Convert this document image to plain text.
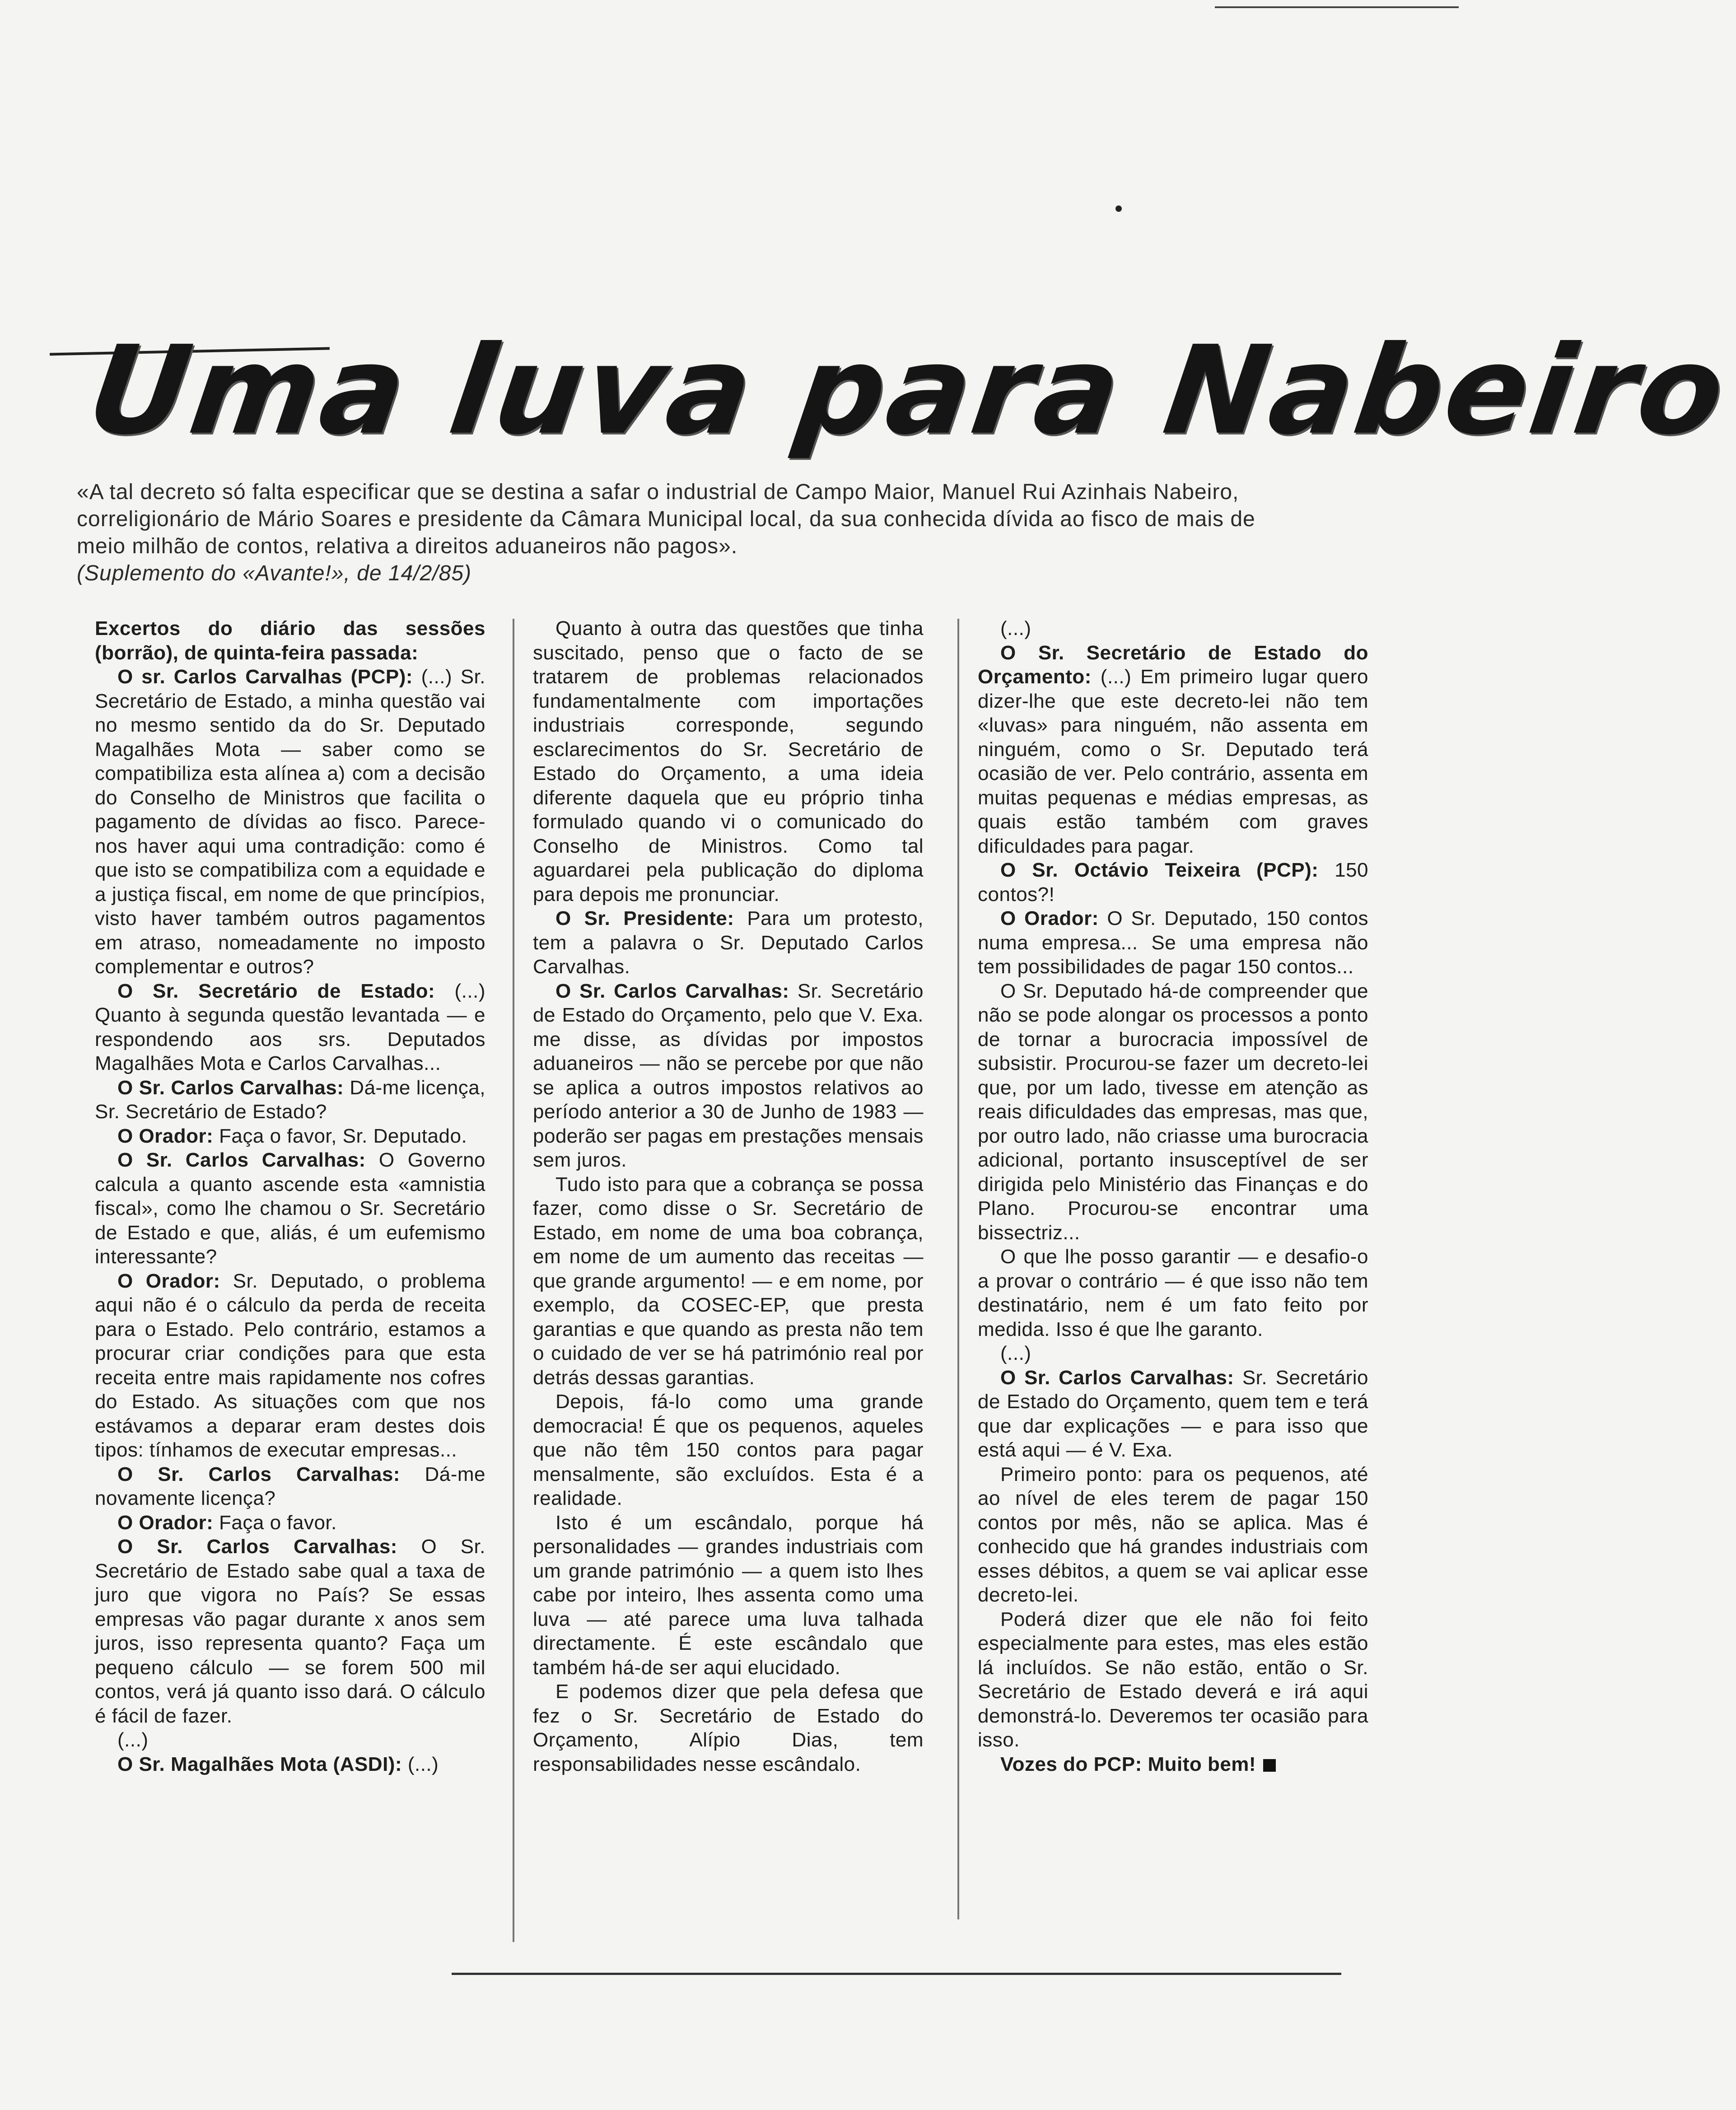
Uma luva para Nabeiro
«A tal decreto só falta especificar que se destina a safar o industrial de Campo Maior, Manuel Rui Azinhais Nabeiro, correligionário de Mário Soares e presidente da Câmara Municipal local, da sua conhecida dívida ao fisco de mais de meio milhão de contos, relativa a direitos aduaneiros não pagos».
(Suplemento do «Avante!», de 14/2/85)

Excertos do diário das sessões (borrão), de quinta-feira passada:

O sr. Carlos Carvalhas (PCP): (...) Sr. Secretário de Estado, a minha questão vai no mesmo sentido da do Sr. Deputado Magalhães Mota — saber como se compatibiliza esta alínea a) com a decisão do Conselho de Ministros que facilita o pagamento de dívidas ao fisco. Parece-nos haver aqui uma contradição: como é que isto se compatibiliza com a equidade e a justiça fiscal, em nome de que princípios, visto haver também outros pagamentos em atraso, nomeadamente no imposto complementar e outros?

O Sr. Secretário de Estado: (...) Quanto à segunda questão levantada — e respondendo aos srs. Deputados Magalhães Mota e Carlos Carvalhas...

O Sr. Carlos Carvalhas: Dá-me licença, Sr. Secretário de Estado?

O Orador: Faça o favor, Sr. Deputado.

O Sr. Carlos Carvalhas: O Governo calcula a quanto ascende esta «amnistia fiscal», como lhe chamou o Sr. Secretário de Estado e que, aliás, é um eufemismo interessante?

O Orador: Sr. Deputado, o problema aqui não é o cálculo da perda de receita para o Estado. Pelo contrário, estamos a procurar criar condições para que esta receita entre mais rapidamente nos cofres do Estado. As situações com que nos estávamos a deparar eram destes dois tipos: tínhamos de executar empresas...

O Sr. Carlos Carvalhas: Dá-me novamente licença?

O Orador: Faça o favor.

O Sr. Carlos Carvalhas: O Sr. Secretário de Estado sabe qual a taxa de juro que vigora no País? Se essas empresas vão pagar durante x anos sem juros, isso representa quanto? Faça um pequeno cálculo — se forem 500 mil contos, verá já quanto isso dará. O cálculo é fácil de fazer.

(...)

O Sr. Magalhães Mota (ASDI): (...)

Quanto à outra das questões que tinha suscitado, penso que o facto de se tratarem de problemas relacionados fundamentalmente com importações industriais corresponde, segundo esclarecimentos do Sr. Secretário de Estado do Orçamento, a uma ideia diferente daquela que eu próprio tinha formulado quando vi o comunicado do Conselho de Ministros. Como tal aguardarei pela publicação do diploma para depois me pronunciar.

O Sr. Presidente: Para um protesto, tem a palavra o Sr. Deputado Carlos Carvalhas.

O Sr. Carlos Carvalhas: Sr. Secretário de Estado do Orçamento, pelo que V. Exa. me disse, as dívidas por impostos aduaneiros — não se percebe por que não se aplica a outros impostos relativos ao período anterior a 30 de Junho de 1983 — poderão ser pagas em prestações mensais sem juros.

Tudo isto para que a cobrança se possa fazer, como disse o Sr. Secretário de Estado, em nome de uma boa cobrança, em nome de um aumento das receitas — que grande argumento! — e em nome, por exemplo, da COSEC-EP, que presta garantias e que quando as presta não tem o cuidado de ver se há património real por detrás dessas garantias.

Depois, fá-lo como uma grande democracia! É que os pequenos, aqueles que não têm 150 contos para pagar mensalmente, são excluídos. Esta é a realidade.

Isto é um escândalo, porque há personalidades — grandes industriais com um grande património — a quem isto lhes cabe por inteiro, lhes assenta como uma luva — até parece uma luva talhada directamente. É este escândalo que também há-de ser aqui elucidado.

E podemos dizer que pela defesa que fez o Sr. Secretário de Estado do Orçamento, Alípio Dias, tem responsabilidades nesse escândalo.

(...)

O Sr. Secretário de Estado do Orçamento: (...) Em primeiro lugar quero dizer-lhe que este decreto-lei não tem «luvas» para ninguém, não assenta em ninguém, como o Sr. Deputado terá ocasião de ver. Pelo contrário, assenta em muitas pequenas e médias empresas, as quais estão também com graves dificuldades para pagar.

O Sr. Octávio Teixeira (PCP): 150 contos?!

O Orador: O Sr. Deputado, 150 contos numa empresa... Se uma empresa não tem possibilidades de pagar 150 contos...

O Sr. Deputado há-de compreender que não se pode alongar os processos a ponto de tornar a burocracia impossível de subsistir. Procurou-se fazer um decreto-lei que, por um lado, tivesse em atenção as reais dificuldades das empresas, mas que, por outro lado, não criasse uma burocracia adicional, portanto insusceptível de ser dirigida pelo Ministério das Finanças e do Plano. Procurou-se encontrar uma bissectriz...

O que lhe posso garantir — e desafio-o a provar o contrário — é que isso não tem destinatário, nem é um fato feito por medida. Isso é que lhe garanto.

(...)

O Sr. Carlos Carvalhas: Sr. Secretário de Estado do Orçamento, quem tem e terá que dar explicações — e para isso que está aqui — é V. Exa.

Primeiro ponto: para os pequenos, até ao nível de eles terem de pagar 150 contos por mês, não se aplica. Mas é conhecido que há grandes industriais com esses débitos, a quem se vai aplicar esse decreto-lei.

Poderá dizer que ele não foi feito especialmente para estes, mas eles estão lá incluídos. Se não estão, então o Sr. Secretário de Estado deverá e irá aqui demonstrá-lo. Deveremos ter ocasião para isso.

Vozes do PCP: Muito bem!
